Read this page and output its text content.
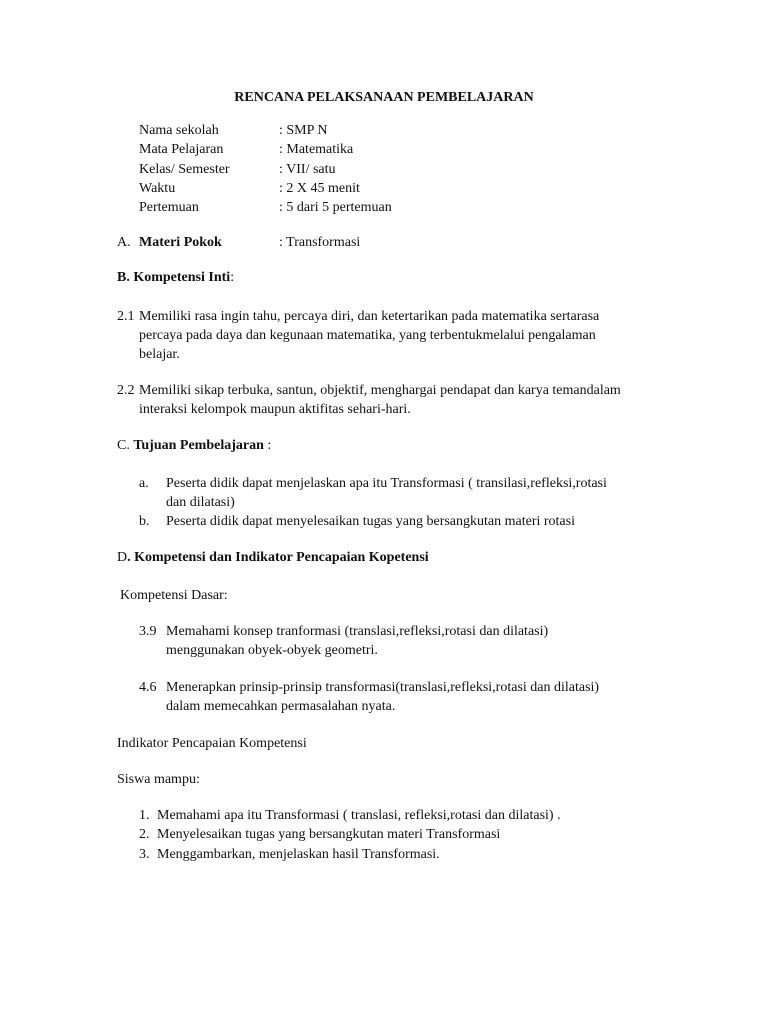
RENCANA PELAKSANAAN PEMBELAJARAN
Nama sekolah	: SMP N
Mata Pelajaran	: Matematika
Kelas/ Semester	: VII/ satu
Waktu	: 2 X 45 menit
Pertemuan	: 5 dari 5 pertemuan
A. Materi Pokok	: Transformasi
B. Kompetensi Inti:
2.1 Memiliki rasa ingin tahu, percaya diri, dan ketertarikan pada matematika sertarasa
percaya pada daya dan kegunaan matematika, yang terbentukmelalui pengalaman
belajar.
2.2 Memiliki sikap terbuka, santun, objektif, menghargai pendapat dan karya temandalam
interaksi kelompok maupun aktifitas sehari-hari.
C. Tujuan Pembelajaran :
a. Peserta didik dapat menjelaskan apa itu Transformasi ( transilasi,refleksi,rotasi
dan dilatasi)
b. Peserta didik dapat menyelesaikan tugas yang bersangkutan materi rotasi
D. Kompetensi dan Indikator Pencapaian Kopetensi
Kompetensi Dasar:
3.9 Memahami konsep tranformasi (translasi,refleksi,rotasi dan dilatasi)
menggunakan obyek-obyek geometri.
4.6 Menerapkan prinsip-prinsip transformasi(translasi,refleksi,rotasi dan dilatasi)
dalam memecahkan permasalahan nyata.
Indikator Pencapaian Kompetensi
Siswa mampu:
1. Memahami apa itu Transformasi ( translasi, refleksi,rotasi dan dilatasi) .
2. Menyelesaikan tugas yang bersangkutan materi Transformasi
3. Menggambarkan, menjelaskan hasil Transformasi.
